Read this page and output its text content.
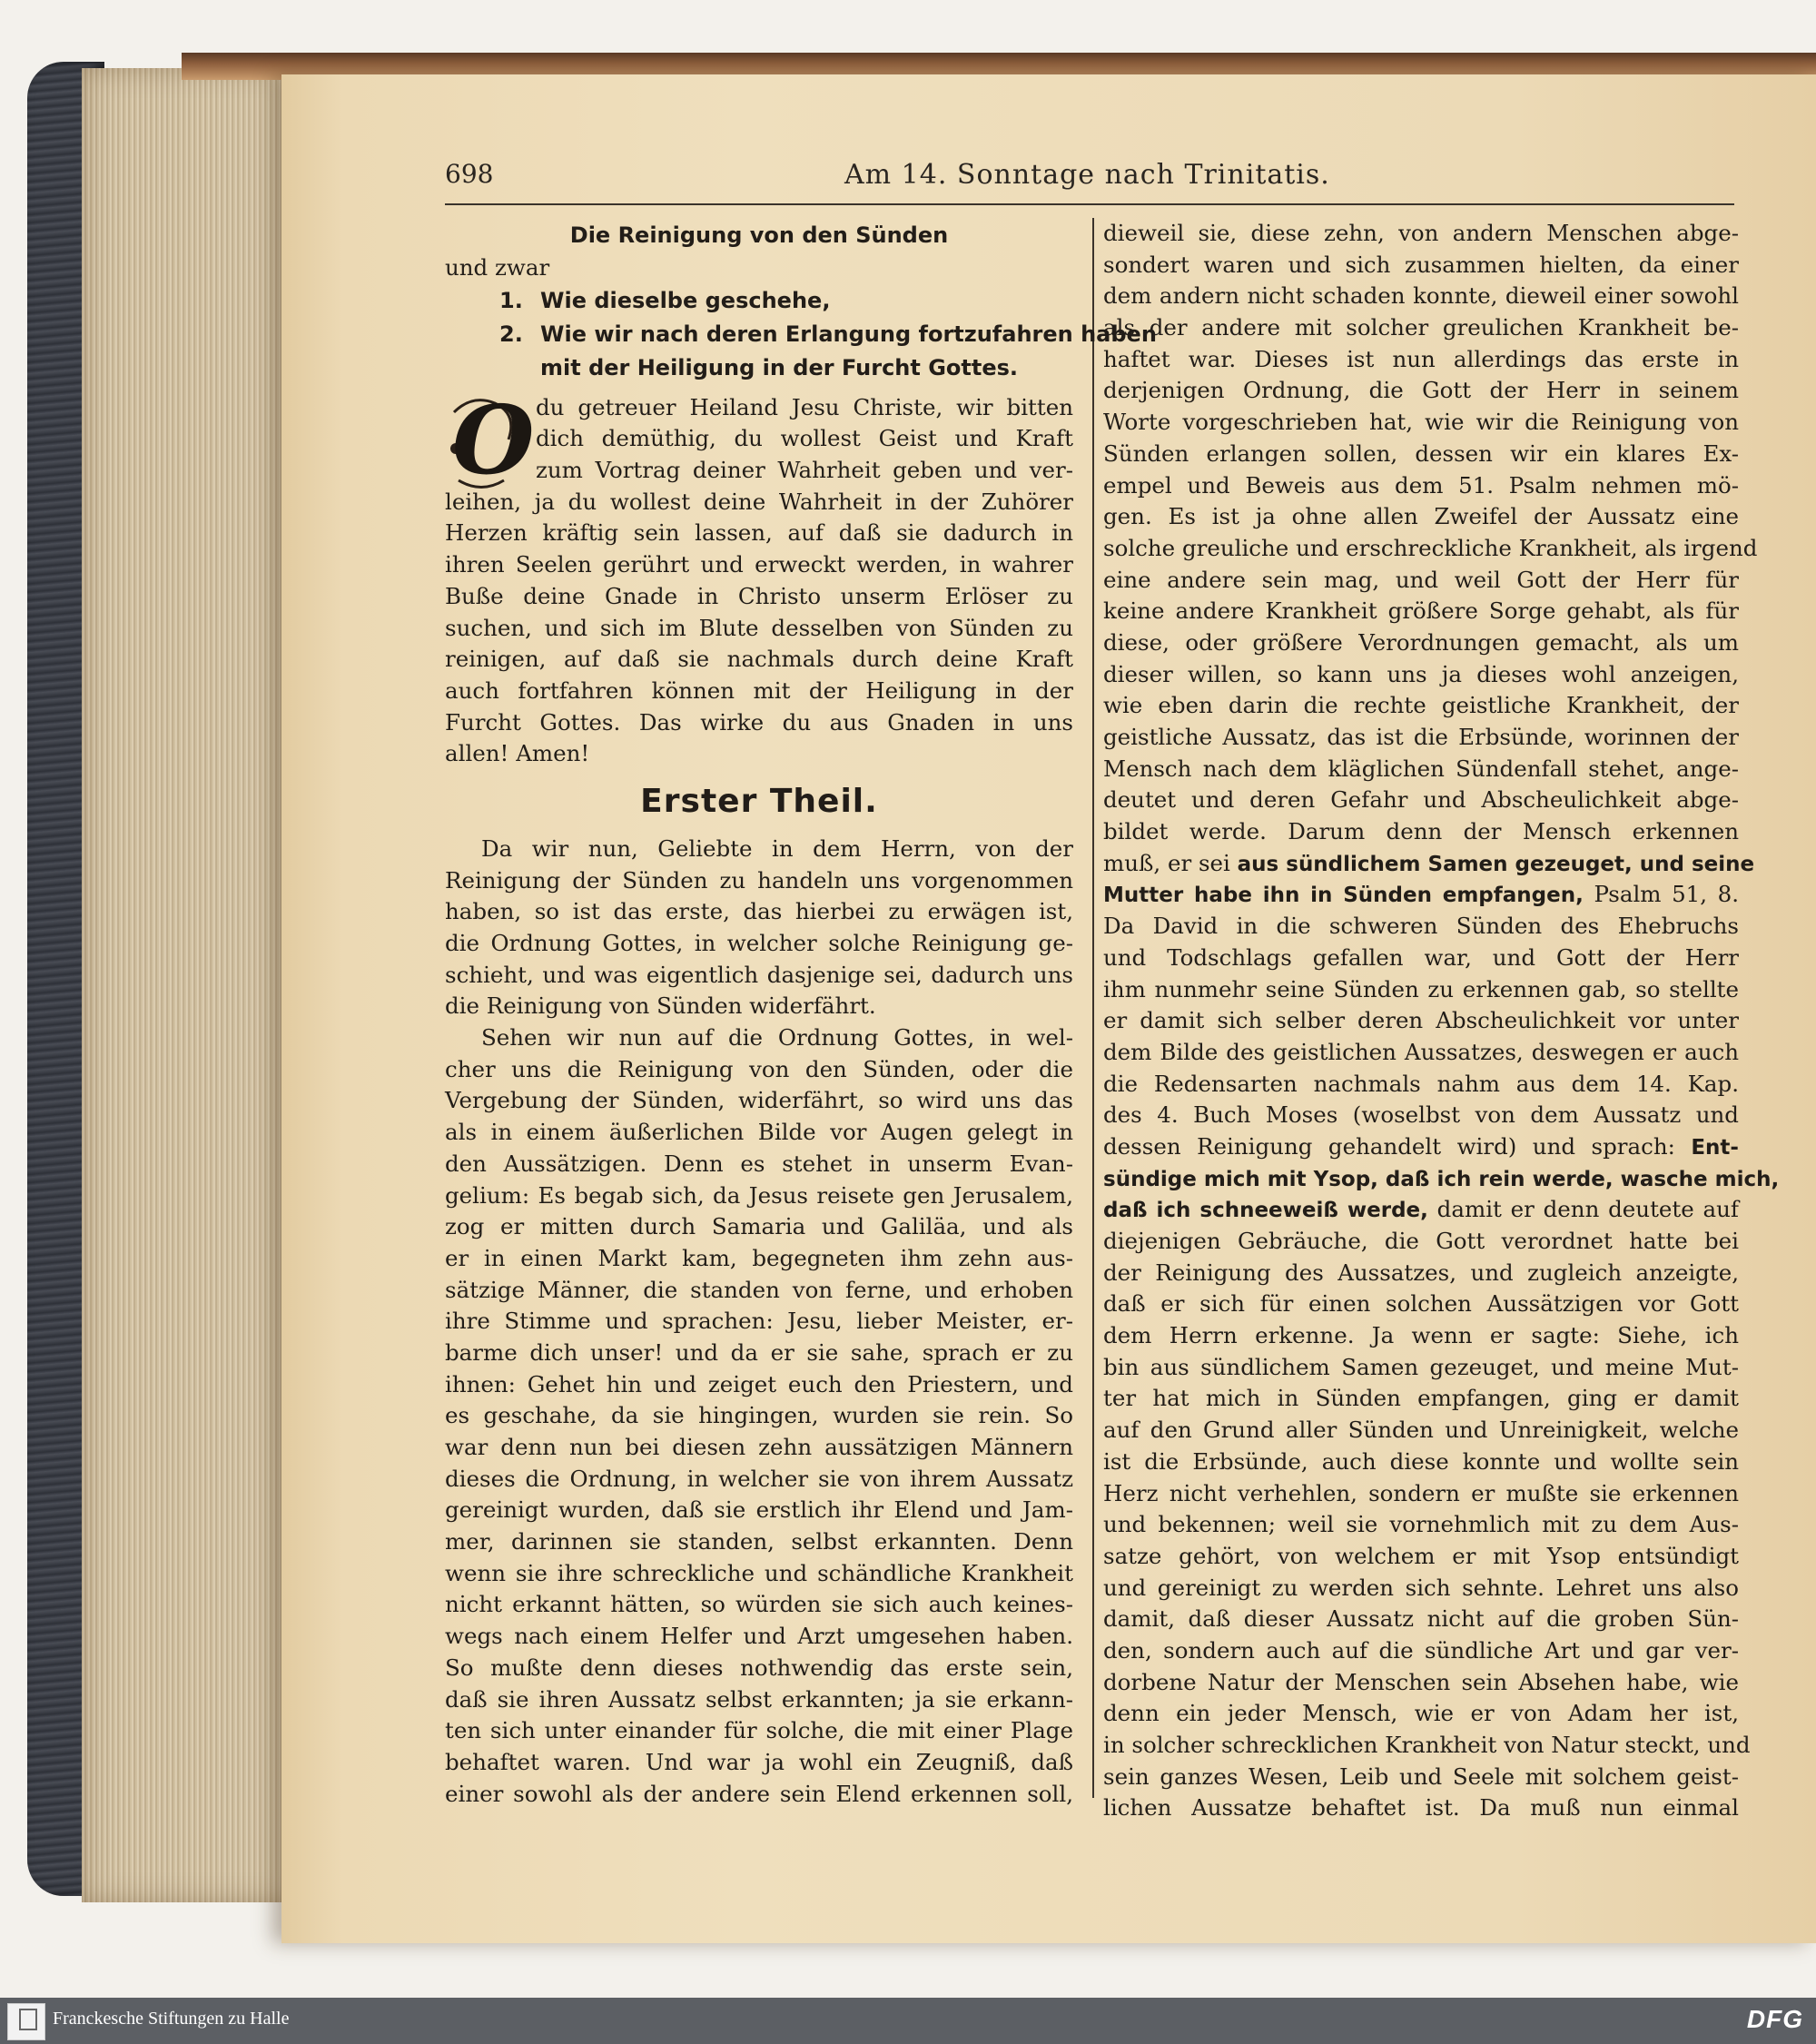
698	Am 14. Sonntage nach Trinitatis.
Die Reinigung von den Sünden
und zwar
1. Wie dieselbe geschehe,
2. Wie wir nach deren Erlangung fortzufahren haben
mit der Heiligung in der Furcht Gottes.
O du getreuer Heiland Jesu Christe, wir bitten
dich demüthig, du wollest Geist und Kraft
zum Vortrag deiner Wahrheit geben und ver-
leihen, ja du wollest deine Wahrheit in der Zuhörer
Herzen kräftig sein lassen, auf daß sie dadurch in
ihren Seelen gerührt und erweckt werden, in wahrer
Buße deine Gnade in Christo unserm Erlöser zu
suchen, und sich im Blute desselben von Sünden zu
reinigen, auf daß sie nachmals durch deine Kraft
auch fortfahren können mit der Heiligung in der
Furcht Gottes. Das wirke du aus Gnaden in uns
allen! Amen!
Erster Theil.
Da wir nun, Geliebte in dem Herrn, von der
Reinigung der Sünden zu handeln uns vorgenommen
haben, so ist das erste, das hierbei zu erwägen ist,
die Ordnung Gottes, in welcher solche Reinigung ge-
schieht, und was eigentlich dasjenige sei, dadurch uns
die Reinigung von Sünden widerfährt.
Sehen wir nun auf die Ordnung Gottes, in wel-
cher uns die Reinigung von den Sünden, oder die
Vergebung der Sünden, widerfährt, so wird uns das
als in einem äußerlichen Bilde vor Augen gelegt in
den Aussätzigen. Denn es stehet in unserm Evan-
gelium: Es begab sich, da Jesus reisete gen Jerusalem,
zog er mitten durch Samaria und Galiläa, und als
er in einen Markt kam, begegneten ihm zehn aus-
sätzige Männer, die standen von ferne, und erhoben
ihre Stimme und sprachen: Jesu, lieber Meister, er-
barme dich unser! und da er sie sahe, sprach er zu
ihnen: Gehet hin und zeiget euch den Priestern, und
es geschahe, da sie hingingen, wurden sie rein. So
war denn nun bei diesen zehn aussätzigen Männern
dieses die Ordnung, in welcher sie von ihrem Aussatz
gereinigt wurden, daß sie erstlich ihr Elend und Jam-
mer, darinnen sie standen, selbst erkannten. Denn
wenn sie ihre schreckliche und schändliche Krankheit
nicht erkannt hätten, so würden sie sich auch keines-
wegs nach einem Helfer und Arzt umgesehen haben.
So mußte denn dieses nothwendig das erste sein,
daß sie ihren Aussatz selbst erkannten; ja sie erkann-
ten sich unter einander für solche, die mit einer Plage
behaftet waren. Und war ja wohl ein Zeugniß, daß
einer sowohl als der andere sein Elend erkennen soll,
dieweil sie, diese zehn, von andern Menschen abge-
sondert waren und sich zusammen hielten, da einer
dem andern nicht schaden konnte, dieweil einer sowohl
als der andere mit solcher greulichen Krankheit be-
haftet war. Dieses ist nun allerdings das erste in
derjenigen Ordnung, die Gott der Herr in seinem
Worte vorgeschrieben hat, wie wir die Reinigung von
Sünden erlangen sollen, dessen wir ein klares Ex-
empel und Beweis aus dem 51. Psalm nehmen mö-
gen. Es ist ja ohne allen Zweifel der Aussatz eine
solche greuliche und erschreckliche Krankheit, als irgend
eine andere sein mag, und weil Gott der Herr für
keine andere Krankheit größere Sorge gehabt, als für
diese, oder größere Verordnungen gemacht, als um
dieser willen, so kann uns ja dieses wohl anzeigen,
wie eben darin die rechte geistliche Krankheit, der
geistliche Aussatz, das ist die Erbsünde, worinnen der
Mensch nach dem kläglichen Sündenfall stehet, ange-
deutet und deren Gefahr und Abscheulichkeit abge-
bildet werde. Darum denn der Mensch erkennen
muß, er sei aus sündlichem Samen gezeuget, und seine
Mutter habe ihn in Sünden empfangen, Psalm 51, 8.
Da David in die schweren Sünden des Ehebruchs
und Todschlags gefallen war, und Gott der Herr
ihm nunmehr seine Sünden zu erkennen gab, so stellte
er damit sich selber deren Abscheulichkeit vor unter
dem Bilde des geistlichen Aussatzes, deswegen er auch
die Redensarten nachmals nahm aus dem 14. Kap.
des 4. Buch Moses (woselbst von dem Aussatz und
dessen Reinigung gehandelt wird) und sprach: Ent-
sündige mich mit Ysop, daß ich rein werde, wasche mich,
daß ich schneeweiß werde, damit er denn deutete auf
diejenigen Gebräuche, die Gott verordnet hatte bei
der Reinigung des Aussatzes, und zugleich anzeigte,
daß er sich für einen solchen Aussätzigen vor Gott
dem Herrn erkenne. Ja wenn er sagte: Siehe, ich
bin aus sündlichem Samen gezeuget, und meine Mut-
ter hat mich in Sünden empfangen, ging er damit
auf den Grund aller Sünden und Unreinigkeit, welche
ist die Erbsünde, auch diese konnte und wollte sein
Herz nicht verhehlen, sondern er mußte sie erkennen
und bekennen; weil sie vornehmlich mit zu dem Aus-
satze gehört, von welchem er mit Ysop entsündigt
und gereinigt zu werden sich sehnte. Lehret uns also
damit, daß dieser Aussatz nicht auf die groben Sün-
den, sondern auch auf die sündliche Art und gar ver-
dorbene Natur der Menschen sein Absehen habe, wie
denn ein jeder Mensch, wie er von Adam her ist,
in solcher schrecklichen Krankheit von Natur steckt, und
sein ganzes Wesen, Leib und Seele mit solchem geist-
lichen Aussatze behaftet ist. Da muß nun einmal
Franckesche Stiftungen zu Halle	DFG
